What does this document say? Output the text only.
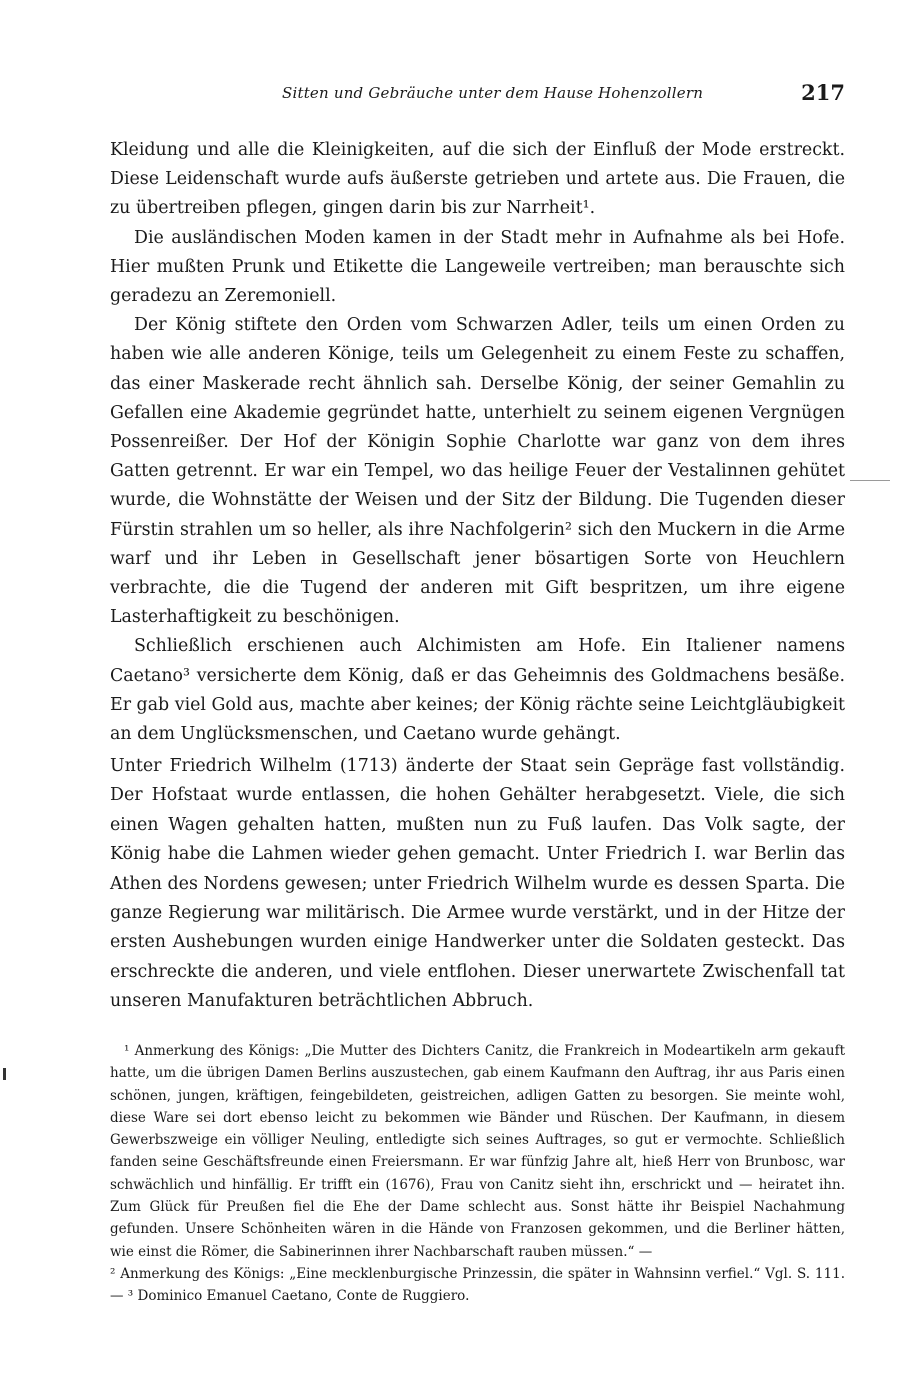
Sitten und Gebräuche unter dem Hause Hohenzollern	217

Kleidung und alle die Kleinigkeiten, auf die sich der Einfluß der Mode erstreckt. Diese Leidenschaft wurde aufs äußerste getrieben und artete aus. Die Frauen, die zu übertreiben pflegen, gingen darin bis zur Narrheit¹.

Die ausländischen Moden kamen in der Stadt mehr in Aufnahme als bei Hofe. Hier mußten Prunk und Etikette die Langeweile vertreiben; man berauschte sich geradezu an Zeremoniell.

Der König stiftete den Orden vom Schwarzen Adler, teils um einen Orden zu haben wie alle anderen Könige, teils um Gelegenheit zu einem Feste zu schaffen, das einer Maskerade recht ähnlich sah. Derselbe König, der seiner Gemahlin zu Gefallen eine Akademie gegründet hatte, unterhielt zu seinem eigenen Vergnügen Possenreißer. Der Hof der Königin Sophie Charlotte war ganz von dem ihres Gatten getrennt. Er war ein Tempel, wo das heilige Feuer der Vestalinnen gehütet wurde, die Wohnstätte der Weisen und der Sitz der Bildung. Die Tugenden dieser Fürstin strahlen um so heller, als ihre Nachfolgerin² sich den Muckern in die Arme warf und ihr Leben in Gesellschaft jener bösartigen Sorte von Heuchlern verbrachte, die die Tugend der anderen mit Gift bespritzen, um ihre eigene Lasterhaftigkeit zu beschönigen.

Schließlich erschienen auch Alchimisten am Hofe. Ein Italiener namens Caetano³ versicherte dem König, daß er das Geheimnis des Goldmachens besäße. Er gab viel Gold aus, machte aber keines; der König rächte seine Leichtgläubigkeit an dem Unglücksmenschen, und Caetano wurde gehängt.

Unter Friedrich Wilhelm (1713) änderte der Staat sein Gepräge fast vollständig. Der Hofstaat wurde entlassen, die hohen Gehälter herabgesetzt. Viele, die sich einen Wagen gehalten hatten, mußten nun zu Fuß laufen. Das Volk sagte, der König habe die Lahmen wieder gehen gemacht. Unter Friedrich I. war Berlin das Athen des Nordens gewesen; unter Friedrich Wilhelm wurde es dessen Sparta. Die ganze Regierung war militärisch. Die Armee wurde verstärkt, und in der Hitze der ersten Aushebungen wurden einige Handwerker unter die Soldaten gesteckt. Das erschreckte die anderen, und viele entflohen. Dieser unerwartete Zwischenfall tat unseren Manufakturen beträchtlichen Abbruch.

¹ Anmerkung des Königs: „Die Mutter des Dichters Canitz, die Frankreich in Modeartikeln arm gekauft hatte, um die übrigen Damen Berlins auszustechen, gab einem Kaufmann den Auftrag, ihr aus Paris einen schönen, jungen, kräftigen, feingebildeten, geistreichen, adligen Gatten zu besorgen. Sie meinte wohl, diese Ware sei dort ebenso leicht zu bekommen wie Bänder und Rüschen. Der Kaufmann, in diesem Gewerbszweige ein völliger Neuling, entledigte sich seines Auftrages, so gut er vermochte. Schließlich fanden seine Geschäftsfreunde einen Freiersmann. Er war fünfzig Jahre alt, hieß Herr von Brunbosc, war schwächlich und hinfällig. Er trifft ein (1676), Frau von Canitz sieht ihn, erschrickt und — heiratet ihn. Zum Glück für Preußen fiel die Ehe der Dame schlecht aus. Sonst hätte ihr Beispiel Nachahmung gefunden. Unsere Schönheiten wären in die Hände von Franzosen gekommen, und die Berliner hätten, wie einst die Römer, die Sabinerinnen ihrer Nachbarschaft rauben müssen.“ —

² Anmerkung des Königs: „Eine mecklenburgische Prinzessin, die später in Wahnsinn verfiel.“ Vgl. S. 111. — ³ Dominico Emanuel Caetano, Conte de Ruggiero.
